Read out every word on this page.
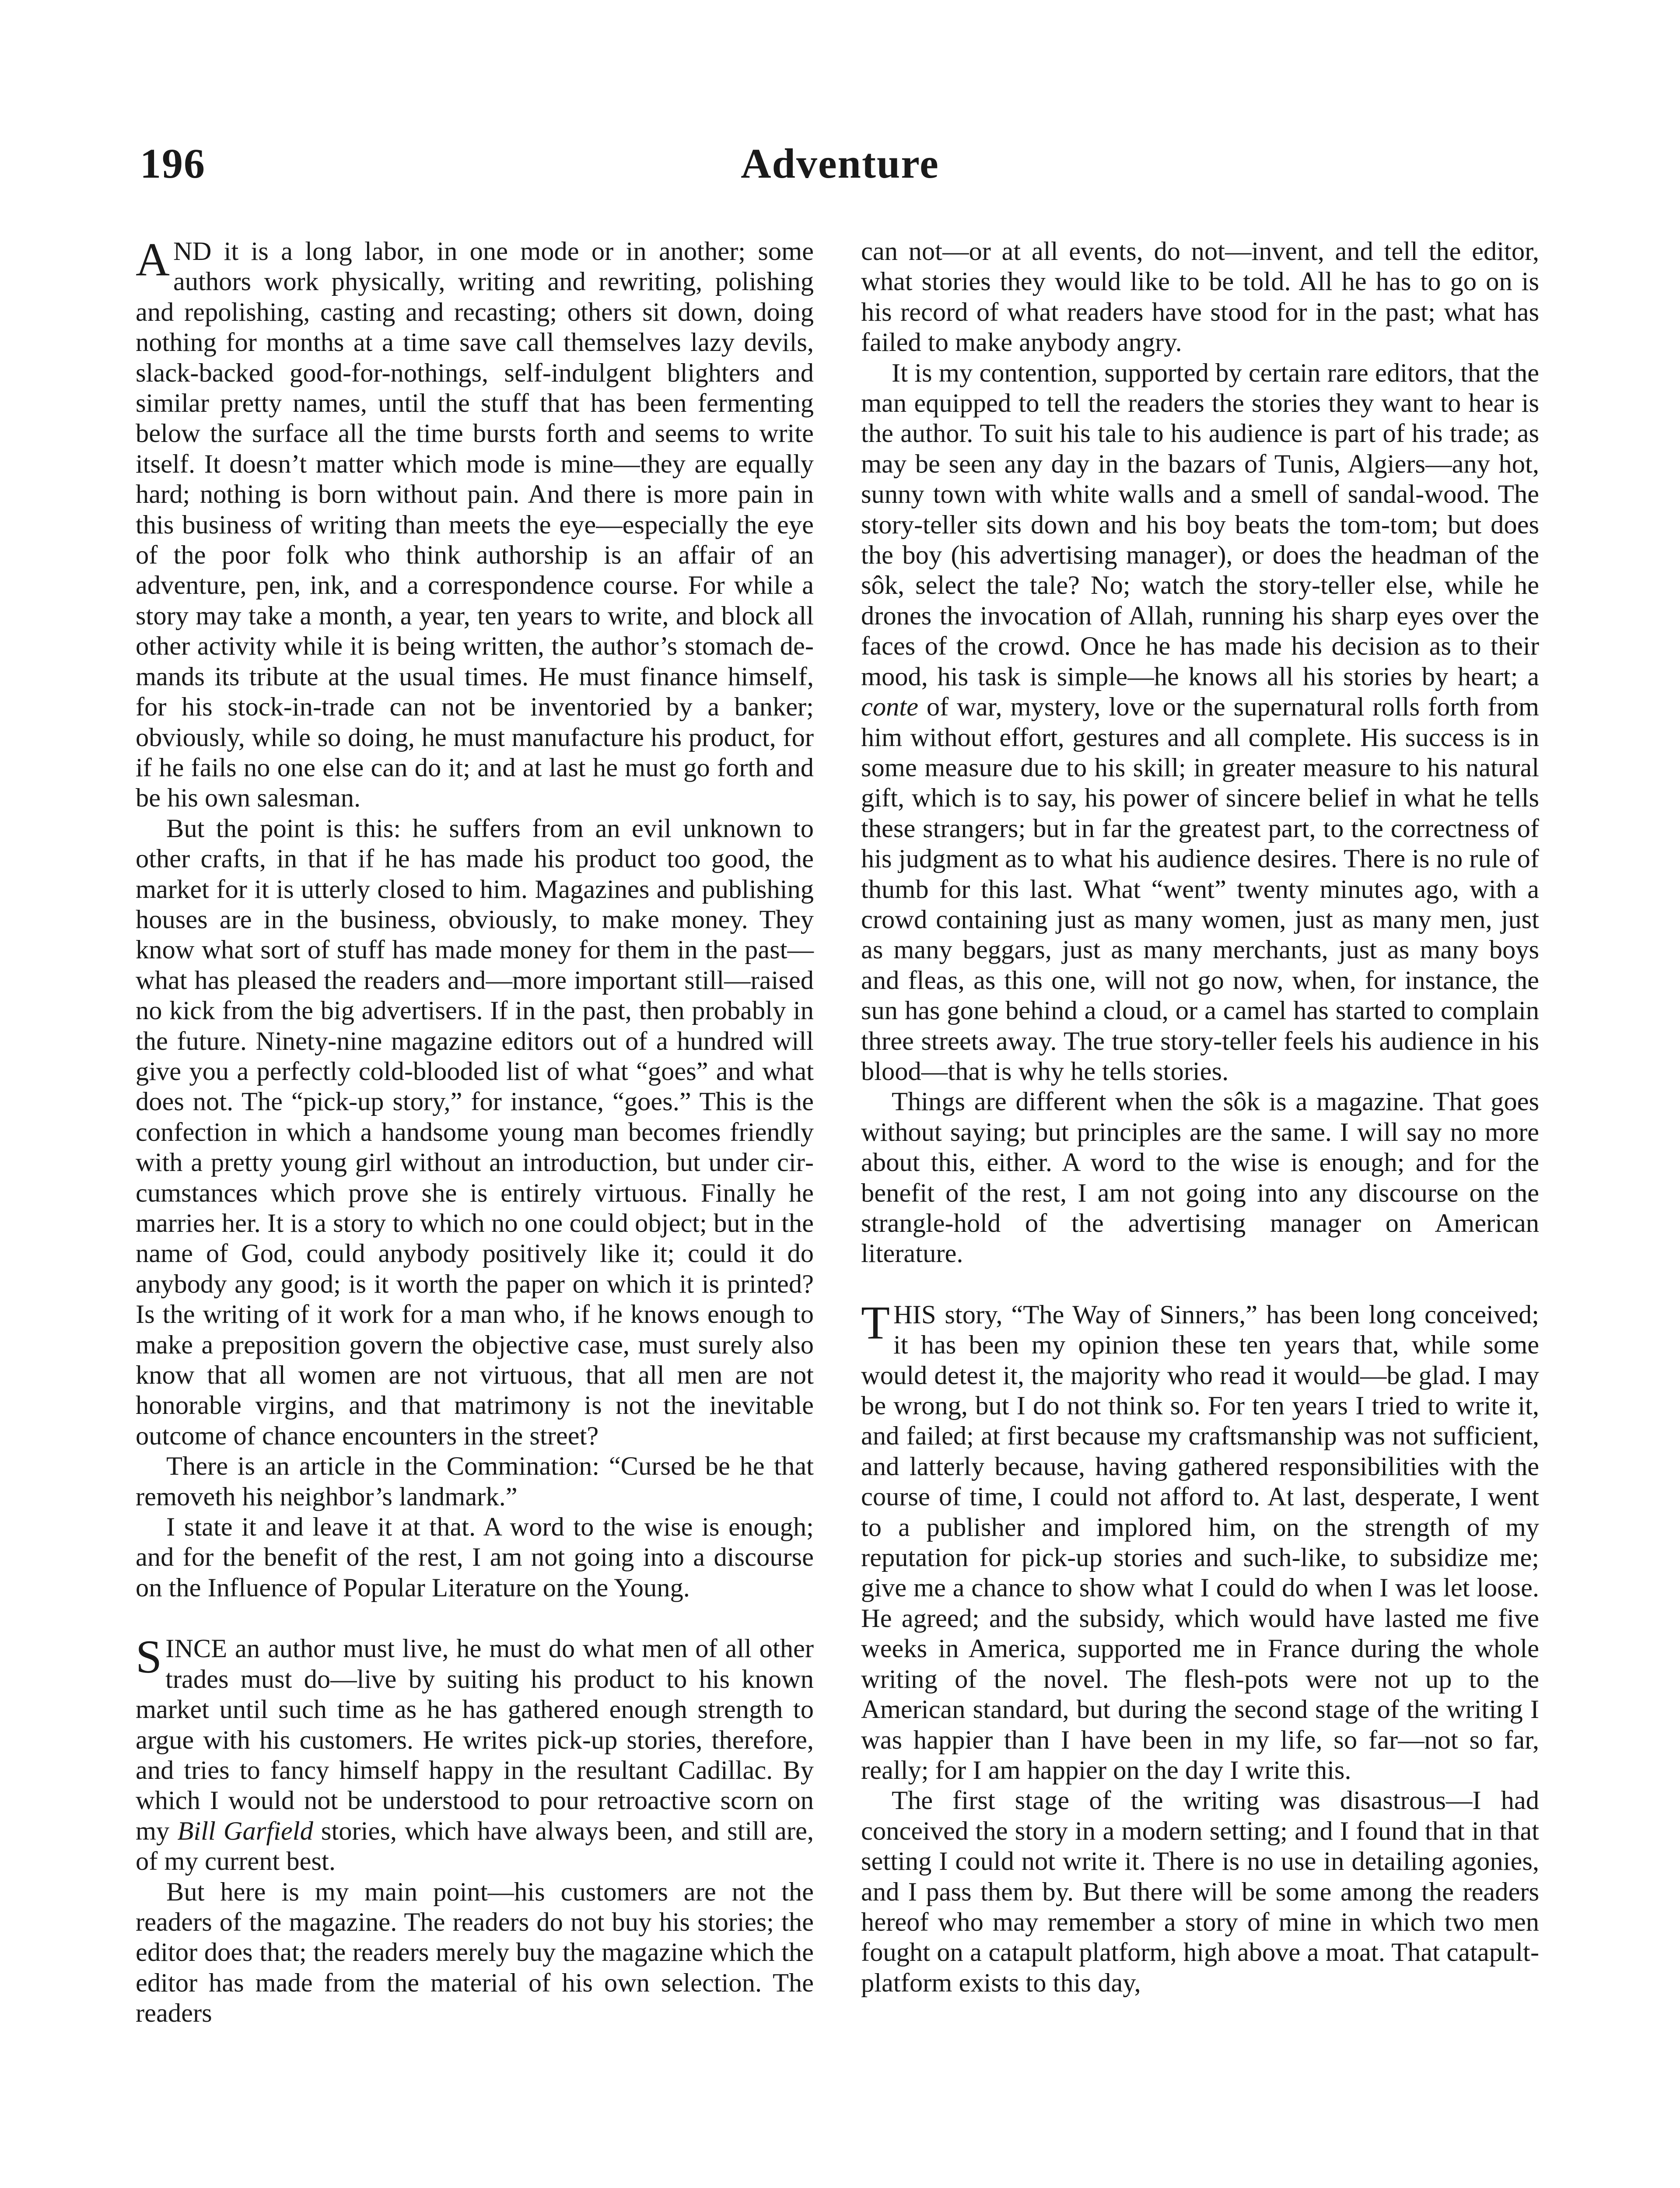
196	Adventure

AND it is a long labor, in one mode or in another; some authors work physically, writing and rewriting, polishing and repolishing, casting and recasting; others sit down, doing nothing for months at a time save call themselves lazy devils, slack-backed good-for-nothings, self-indulgent blighters and similar pretty names, until the stuff that has been fermenting below the surface all the time bursts forth and seems to write itself. It doesn’t matter which mode is mine—they are equally hard; nothing is born without pain. And there is more pain in this business of writing than meets the eye—especially the eye of the poor folk who think authorship is an affair of an adventure, pen, ink, and a correspondence course. For while a story may take a month, a year, ten years to write, and block all other activity while it is being written, the author’s stomach demands its tribute at the usual times. He must finance himself, for his stock-in-trade can not be inventoried by a banker; obviously, while so doing, he must manufacture his product, for if he fails no one else can do it; and at last he must go forth and be his own salesman.

But the point is this: he suffers from an evil unknown to other crafts, in that if he has made his product too good, the market for it is utterly closed to him. Magazines and publishing houses are in the business, obviously, to make money. They know what sort of stuff has made money for them in the past—what has pleased the readers and—more important still—raised no kick from the big advertisers. If in the past, then probably in the future. Ninety-nine magazine editors out of a hundred will give you a perfectly cold-blooded list of what “goes” and what does not. The “pick-up story,” for instance, “goes.” This is the confection in which a handsome young man becomes friendly with a pretty young girl without an introduction, but under circumstances which prove she is entirely virtuous. Finally he marries her. It is a story to which no one could object; but in the name of God, could anybody positively like it; could it do anybody any good; is it worth the paper on which it is printed? Is the writing of it work for a man who, if he knows enough to make a preposition govern the objective case, must surely also know that all women are not virtuous, that all men are not honorable virgins, and that matrimony is not the inevitable outcome of chance encounters in the street?

There is an article in the Commination: “Cursed be he that removeth his neighbor’s landmark.”

I state it and leave it at that. A word to the wise is enough; and for the benefit of the rest, I am not going into a discourse on the Influence of Popular Literature on the Young.

SINCE an author must live, he must do what men of all other trades must do—live by suiting his product to his known market until such time as he has gathered enough strength to argue with his customers. He writes pick-up stories, therefore, and tries to fancy himself happy in the resultant Cadillac. By which I would not be understood to pour retroactive scorn on my Bill Garfield stories, which have always been, and still are, of my current best.

But here is my main point—his customers are not the readers of the magazine. The readers do not buy his stories; the editor does that; the readers merely buy the magazine which the editor has made from the material of his own selection. The readers

can not—or at all events, do not—invent, and tell the editor, what stories they would like to be told. All he has to go on is his record of what readers have stood for in the past; what has failed to make anybody angry.

It is my contention, supported by certain rare editors, that the man equipped to tell the readers the stories they want to hear is the author. To suit his tale to his audience is part of his trade; as may be seen any day in the bazars of Tunis, Algiers—any hot, sunny town with white walls and a smell of sandal-wood. The story-teller sits down and his boy beats the tom-tom; but does the boy (his advertising manager), or does the headman of the sôk, select the tale? No; watch the story-teller else, while he drones the invocation of Allah, running his sharp eyes over the faces of the crowd. Once he has made his decision as to their mood, his task is simple—he knows all his stories by heart; a conte of war, mystery, love or the supernatural rolls forth from him without effort, gestures and all complete. His success is in some measure due to his skill; in greater measure to his natural gift, which is to say, his power of sincere belief in what he tells these strangers; but in far the greatest part, to the correctness of his judgment as to what his audience desires. There is no rule of thumb for this last. What “went” twenty minutes ago, with a crowd containing just as many women, just as many men, just as many beggars, just as many merchants, just as many boys and fleas, as this one, will not go now, when, for instance, the sun has gone behind a cloud, or a camel has started to complain three streets away. The true story-teller feels his audience in his blood—that is why he tells stories.

Things are different when the sôk is a magazine. That goes without saying; but principles are the same. I will say no more about this, either. A word to the wise is enough; and for the benefit of the rest, I am not going into any discourse on the strangle-hold of the advertising manager on American literature.

THIS story, “The Way of Sinners,” has been long conceived; it has been my opinion these ten years that, while some would detest it, the majority who read it would—be glad. I may be wrong, but I do not think so. For ten years I tried to write it, and failed; at first because my craftsmanship was not sufficient, and latterly because, having gathered responsibilities with the course of time, I could not afford to. At last, desperate, I went to a publisher and implored him, on the strength of my reputation for pick-up stories and such-like, to subsidize me; give me a chance to show what I could do when I was let loose. He agreed; and the subsidy, which would have lasted me five weeks in America, supported me in France during the whole writing of the novel. The flesh-pots were not up to the American standard, but during the second stage of the writing I was happier than I have been in my life, so far—not so far, really; for I am happier on the day I write this.

The first stage of the writing was disastrous—I had conceived the story in a modern setting; and I found that in that setting I could not write it. There is no use in detailing agonies, and I pass them by. But there will be some among the readers hereof who may remember a story of mine in which two men fought on a catapult platform, high above a moat. That catapult-platform exists to this day,
